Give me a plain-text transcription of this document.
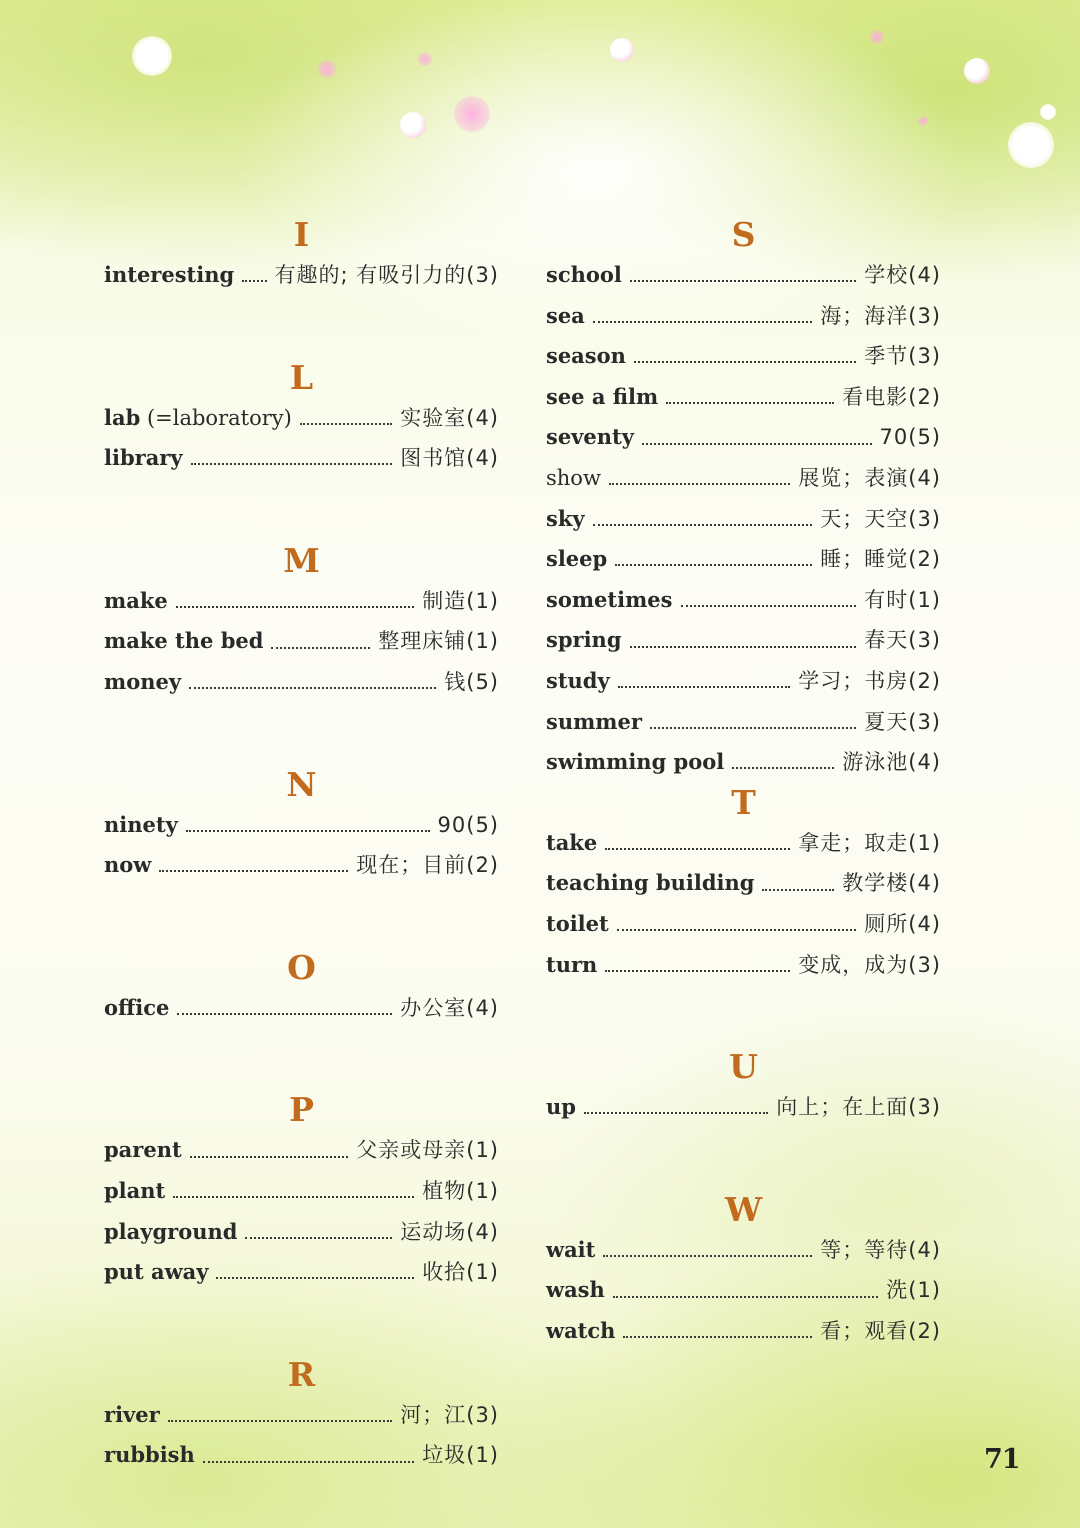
I
interesting 有趣的; 有吸引力的(3)
L
lab (=laboratory)	实验室(4)
library	图书馆(4)
M
make	制造(1)
make the bed	整理床铺(1)
money	钱(5)
N
ninety	90(5)
now	现在；目前(2)
O
office	办公室(4)
P
parent	父亲或母亲(1)
plant	植物(1)
playground	运动场(4)
put away	收拾(1)
R
river	河；江(3)
rubbish	垃圾(1)
S
school	学校(4)
sea	海；海洋(3)
season	季节(3)
see a film	看电影(2)
seventy	70(5)
show	展览；表演(4)
sky	天；天空(3)
sleep	睡；睡觉(2)
sometimes	有时(1)
spring	春天(3)
study	学习；书房(2)
summer	夏天(3)
swimming pool	游泳池(4)
T
take	拿走；取走(1)
teaching building	教学楼(4)
toilet	厕所(4)
turn	变成，成为(3)
U
up	向上；在上面(3)
W
wait	等；等待(4)
wash	洗(1)
watch	看；观看(2)
71
